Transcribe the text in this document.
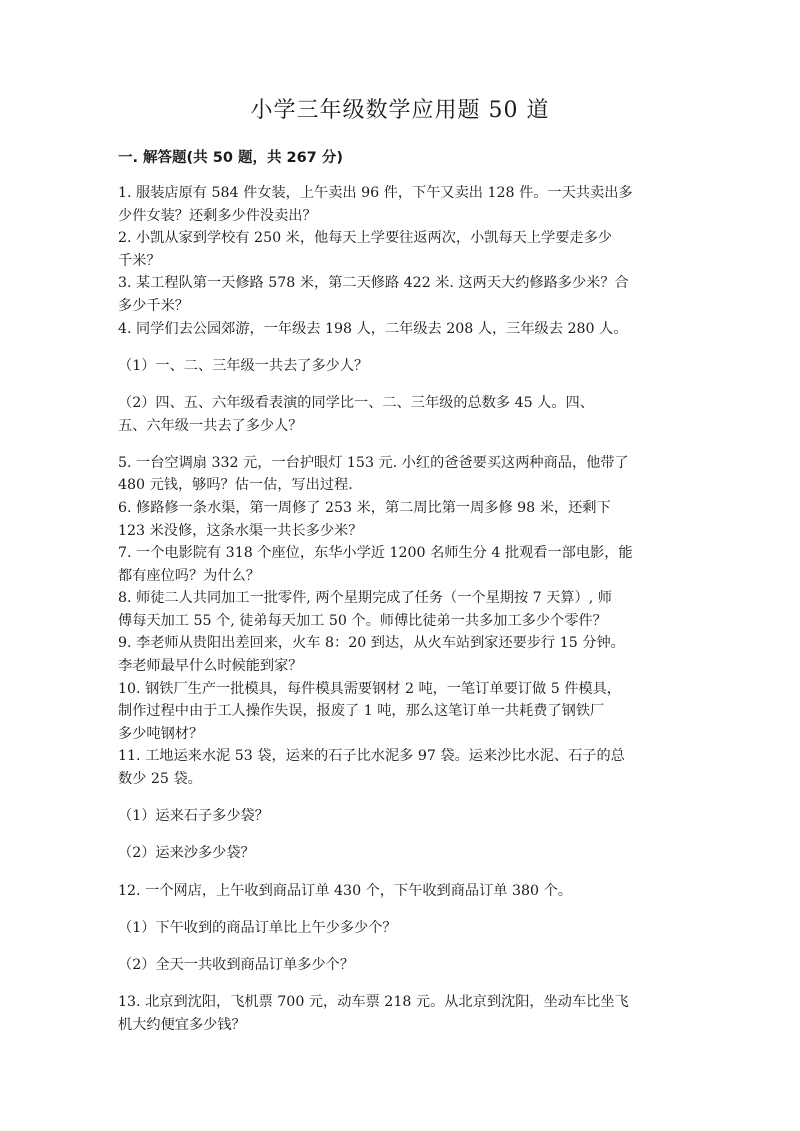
小学三年级数学应用题 50 道
一. 解答题(共 50 题，共 267 分)
1. 服装店原有 584 件女装，上午卖出 96 件，下午又卖出 128 件。一天共卖出多
少件女装？还剩多少件没卖出？
2. 小凯从家到学校有 250 米，他每天上学要往返两次，小凯每天上学要走多少
千米？
3. 某工程队第一天修路 578 米，第二天修路 422 米. 这两天大约修路多少米？合
多少千米？
4. 同学们去公园郊游，一年级去 198 人，二年级去 208 人，三年级去 280 人。
（1）一、二、三年级一共去了多少人？
（2）四、五、六年级看表演的同学比一、二、三年级的总数多 45 人。四、
五、六年级一共去了多少人？
5. 一台空调扇 332 元，一台护眼灯 153 元. 小红的爸爸要买这两种商品，他带了
480 元钱，够吗？估一估，写出过程.
6. 修路修一条水渠，第一周修了 253 米，第二周比第一周多修 98 米，还剩下
123 米没修，这条水渠一共长多少米？
7. 一个电影院有 318 个座位，东华小学近 1200 名师生分 4 批观看一部电影，能
都有座位吗？为什么？
8. 师徒二人共同加工一批零件, 两个星期完成了任务（一个星期按 7 天算）, 师
傅每天加工 55 个, 徒弟每天加工 50 个。师傅比徒弟一共多加工多少个零件？
9. 李老师从贵阳出差回来，火车 8：20 到达，从火车站到家还要步行 15 分钟。
李老师最早什么时候能到家？
10. 钢铁厂生产一批模具，每件模具需要钢材 2 吨，一笔订单要订做 5 件模具，
制作过程中由于工人操作失误，报废了 1 吨，那么这笔订单一共耗费了钢铁厂
多少吨钢材？
11. 工地运来水泥 53 袋，运来的石子比水泥多 97 袋。运来沙比水泥、石子的总
数少 25 袋。
（1）运来石子多少袋？
（2）运来沙多少袋？
12. 一个网店，上午收到商品订单 430 个，下午收到商品订单 380 个。
（1）下午收到的商品订单比上午少多少个？
（2）全天一共收到商品订单多少个？
13. 北京到沈阳，飞机票 700 元，动车票 218 元。从北京到沈阳，坐动车比坐飞
机大约便宜多少钱？
